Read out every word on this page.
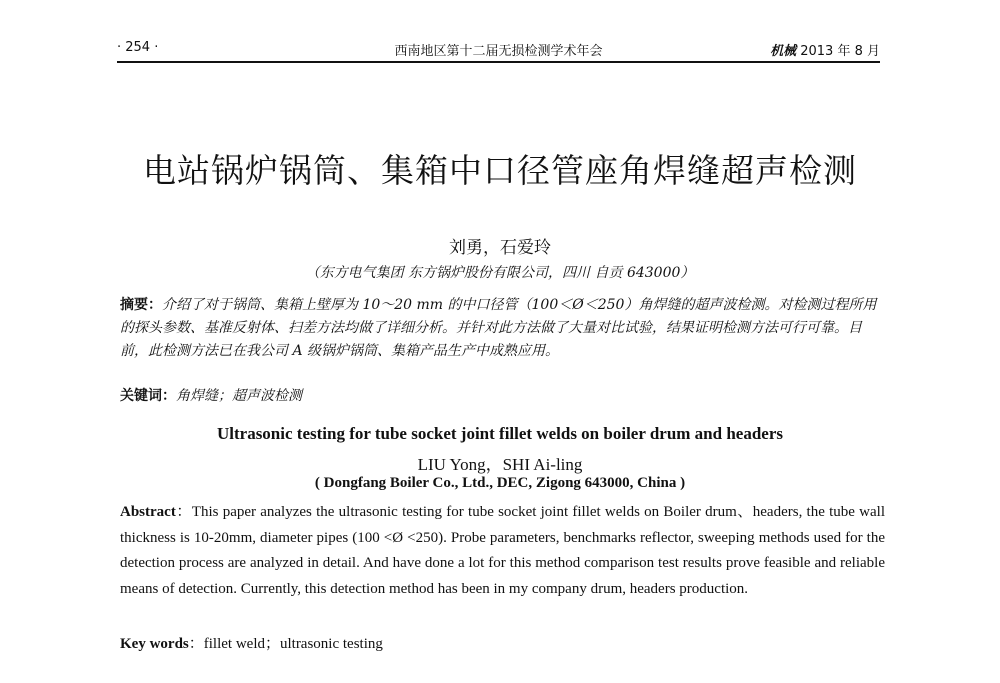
· 254 ·	西南地区第十二届无损检测学术年会	机械 2013 年 8 月
电站锅炉锅筒、集箱中口径管座角焊缝超声检测
刘勇，石爱玲
（东方电气集团 东方锅炉股份有限公司，四川 自贡 643000）
摘要：介绍了对于锅筒、集箱上壁厚为 10～20 mm 的中口径管（100＜Ø＜250）角焊缝的超声波检测。对检测过程所用的探头参数、基准反射体、扫差方法均做了详细分析。并针对此方法做了大量对比试验，结果证明检测方法可行可靠。目前，此检测方法已在我公司 A 级锅炉锅筒、集箱产品生产中成熟应用。
关键词：角焊缝；超声波检测
Ultrasonic testing for tube socket joint fillet welds on boiler drum and headers
LIU Yong，SHI Ai-ling
( Dongfang Boiler Co., Ltd., DEC, Zigong 643000, China )
Abstract：This paper analyzes the ultrasonic testing for tube socket joint fillet welds on Boiler drum、headers, the tube wall thickness is 10-20mm, diameter pipes (100 <Ø <250). Probe parameters, benchmarks reflector, sweeping methods used for the detection process are analyzed in detail. And have done a lot for this method comparison test results prove feasible and reliable means of detection. Currently, this detection method has been in my company drum, headers production.
Key words：fillet weld；ultrasonic testing
